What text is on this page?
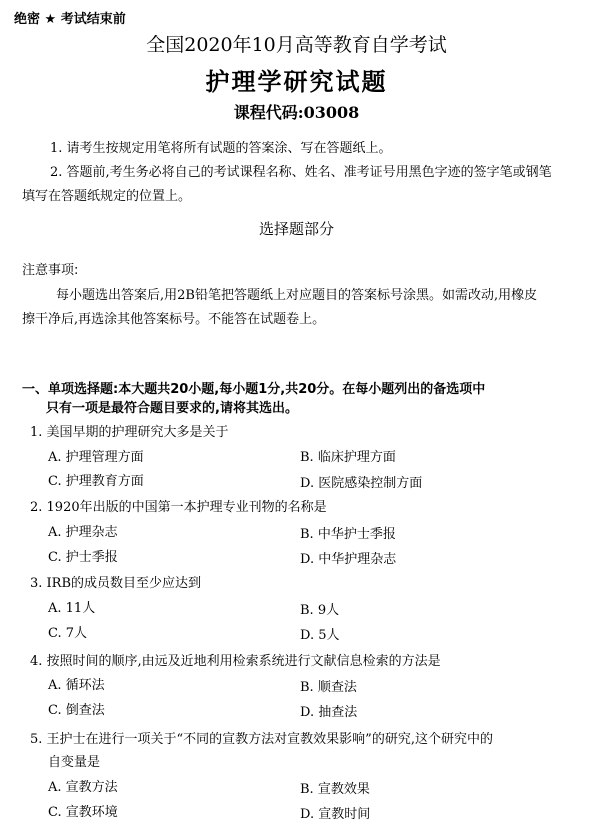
绝密 ★ 考试结束前
全国2020年10月高等教育自学考试
护理学研究试题
课程代码:03008
1. 请考生按规定用笔将所有试题的答案涂、写在答题纸上。
2. 答题前,考生务必将自己的考试课程名称、姓名、准考证号用黑色字迹的签字笔或钢笔
填写在答题纸规定的位置上。
选择题部分
注意事项:
每小题选出答案后,用2B铅笔把答题纸上对应题目的答案标号涂黑。如需改动,用橡皮
擦干净后,再选涂其他答案标号。不能答在试题卷上。
一、单项选择题:本大题共20小题,每小题1分,共20分。在每小题列出的备选项中
只有一项是最符合题目要求的,请将其选出。
1. 美国早期的护理研究大多是关于
A. 护理管理方面	B. 临床护理方面
C. 护理教育方面	D. 医院感染控制方面
2. 1920年出版的中国第一本护理专业刊物的名称是
A. 护理杂志	B. 中华护士季报
C. 护士季报	D. 中华护理杂志
3. IRB的成员数目至少应达到
A. 11人	B. 9人
C. 7人	D. 5人
4. 按照时间的顺序,由远及近地利用检索系统进行文献信息检索的方法是
A. 循环法	B. 顺查法
C. 倒查法	D. 抽查法
5. 王护士在进行一项关于“不同的宣教方法对宣教效果影响”的研究,这个研究中的
自变量是
A. 宣教方法	B. 宣教效果
C. 宣教环境	D. 宣教时间
